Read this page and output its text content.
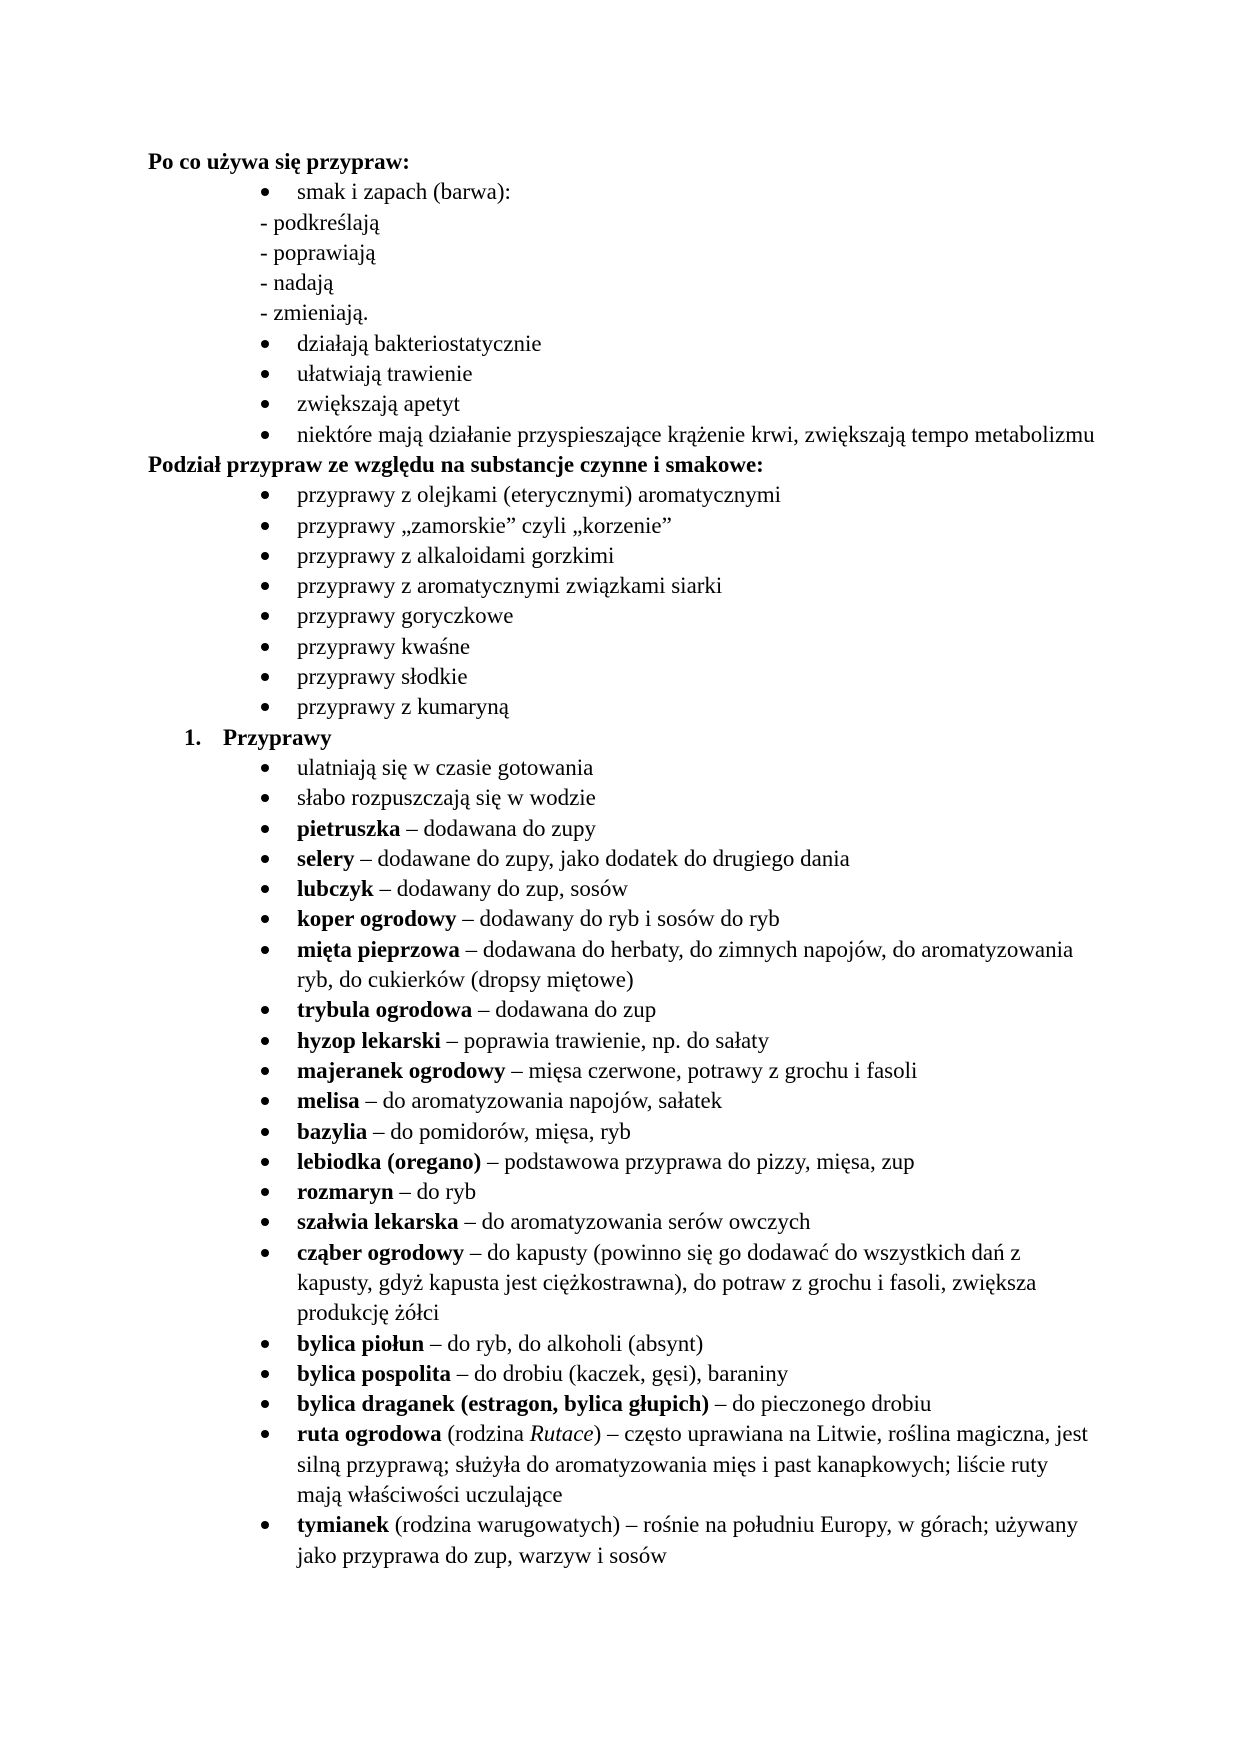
Po co używa się przypraw:

smak i zapach (barwa):
- podkreślają
- poprawiają
- nadają
- zmieniają.
działają bakteriostatycznie
ułatwiają trawienie
zwiększają apetyt
niektóre mają działanie przyspieszające krążenie krwi, zwiększają tempo metabolizmu

Podział przypraw ze względu na substancje czynne i smakowe:

przyprawy z olejkami (eterycznymi) aromatycznymi
przyprawy „zamorskie” czyli „korzenie”
przyprawy z alkaloidami gorzkimi
przyprawy z aromatycznymi związkami siarki
przyprawy goryczkowe
przyprawy kwaśne
przyprawy słodkie
przyprawy z kumaryną

1. Przyprawy

ulatniają się w czasie gotowania
słabo rozpuszczają się w wodzie
pietruszka – dodawana do zupy
selery – dodawane do zupy, jako dodatek do drugiego dania
lubczyk – dodawany do zup, sosów
koper ogrodowy – dodawany do ryb i sosów do ryb
mięta pieprzowa – dodawana do herbaty, do zimnych napojów, do aromatyzowania ryb, do cukierków (dropsy miętowe)
trybula ogrodowa – dodawana do zup
hyzop lekarski – poprawia trawienie, np. do sałaty
majeranek ogrodowy – mięsa czerwone, potrawy z grochu i fasoli
melisa – do aromatyzowania napojów, sałatek
bazylia – do pomidorów, mięsa, ryb
lebiodka (oregano) – podstawowa przyprawa do pizzy, mięsa, zup
rozmaryn – do ryb
szałwia lekarska – do aromatyzowania serów owczych
cząber ogrodowy – do kapusty (powinno się go dodawać do wszystkich dań z kapusty, gdyż kapusta jest ciężkostrawna), do potraw z grochu i fasoli, zwiększa produkcję żółci
bylica piołun – do ryb, do alkoholi (absynt)
bylica pospolita – do drobiu (kaczek, gęsi), baraniny
bylica draganek (estragon, bylica głupich) – do pieczonego drobiu
ruta ogrodowa (rodzina Rutace) – często uprawiana na Litwie, roślina magiczna, jest silną przyprawą; służyła do aromatyzowania mięs i past kanapkowych; liście ruty mają właściwości uczulające
tymianek (rodzina warugowatych) – rośnie na południu Europy, w górach; używany jako przyprawa do zup, warzyw i sosów
